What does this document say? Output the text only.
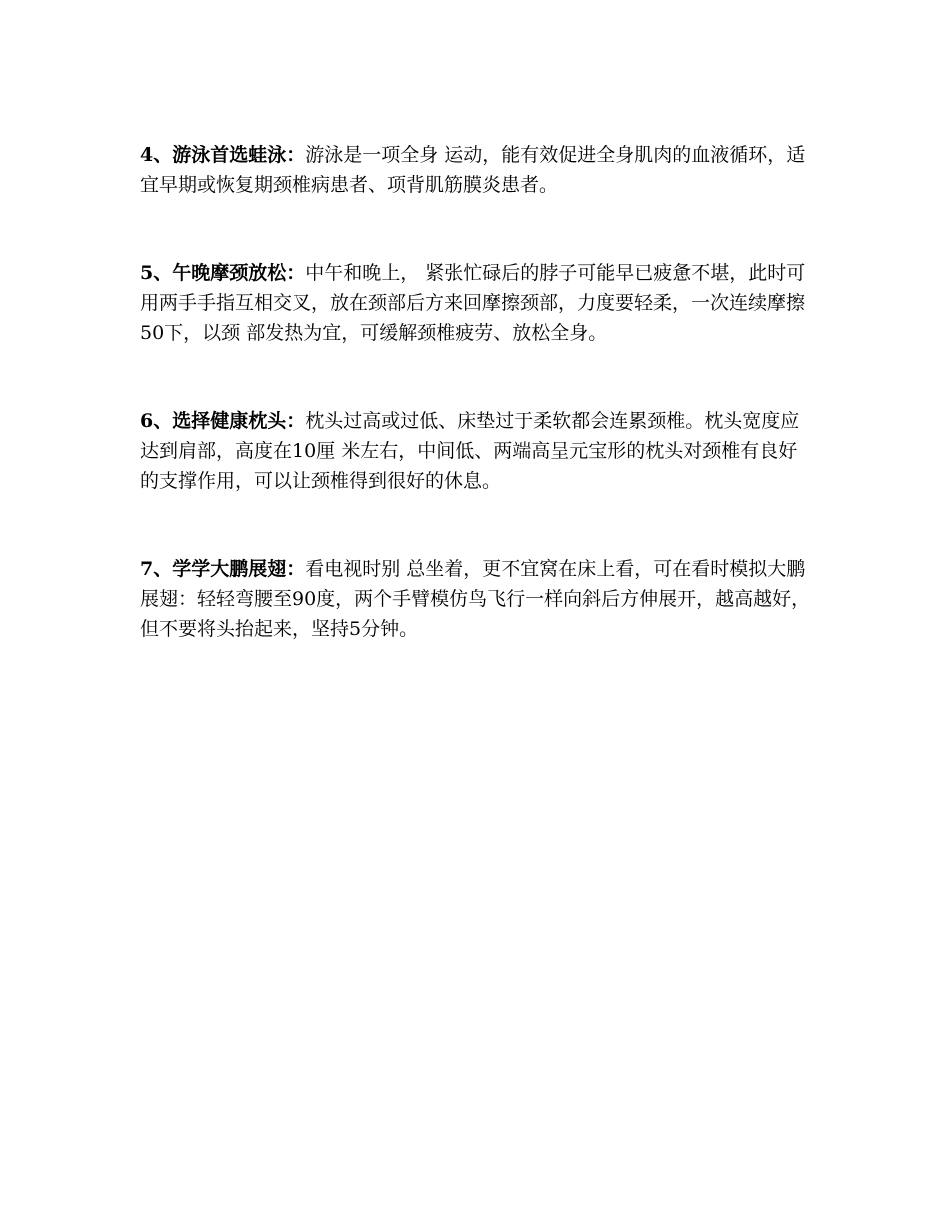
4、游泳首选蛙泳：游泳是一项全身 运动，能有效促进全身肌肉的血液循环，适宜早期或恢复期颈椎病患者、项背肌筋膜炎患者。

5、午晚摩颈放松：中午和晚上， 紧张忙碌后的脖子可能早已疲惫不堪，此时可用两手手指互相交叉，放在颈部后方来回摩擦颈部，力度要轻柔，一次连续摩擦50下，以颈 部发热为宜，可缓解颈椎疲劳、放松全身。

6、选择健康枕头：枕头过高或过低、床垫过于柔软都会连累颈椎。枕头宽度应达到肩部，高度在10厘 米左右，中间低、两端高呈元宝形的枕头对颈椎有良好的支撑作用，可以让颈椎得到很好的休息。

7、学学大鹏展翅：看电视时别 总坐着，更不宜窝在床上看，可在看时模拟大鹏展翅：轻轻弯腰至90度，两个手臂模仿鸟飞行一样向斜后方伸展开，越高越好，但不要将头抬起来，坚持5分钟。
